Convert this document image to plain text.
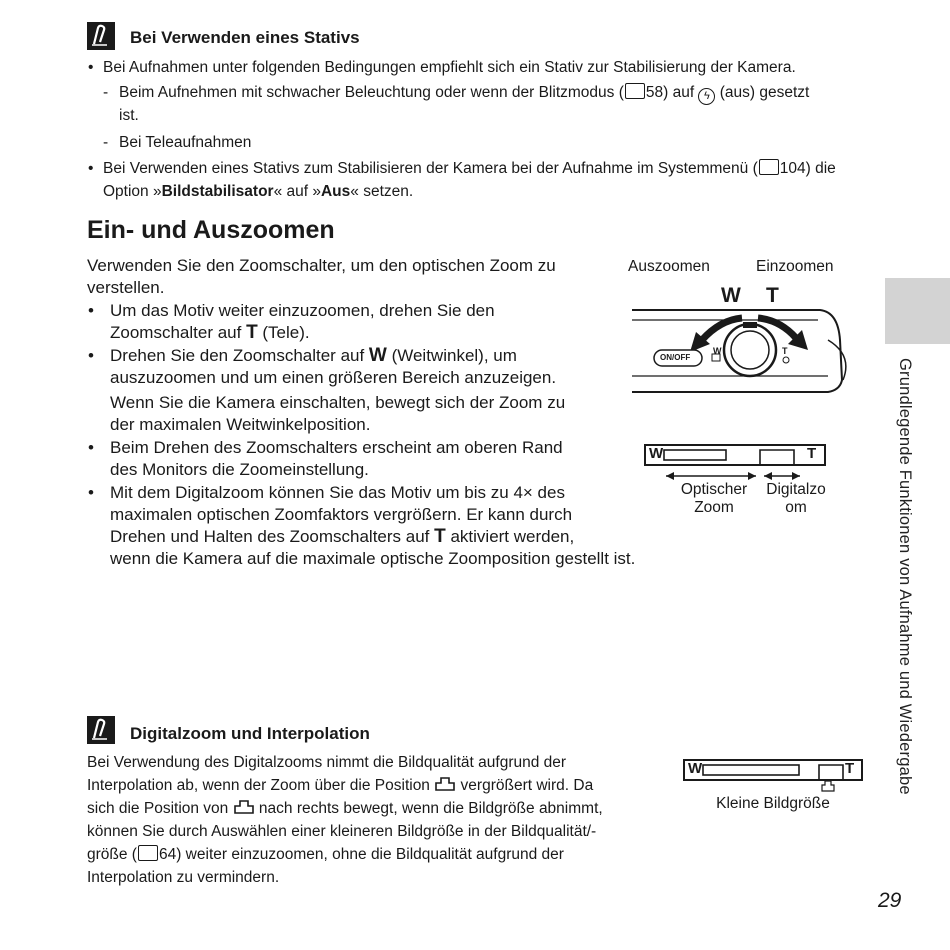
Bei Verwenden eines Stativs
• Bei Aufnahmen unter folgenden Bedingungen empfiehlt sich ein Stativ zur Stabilisierung der Kamera.
- Beim Aufnehmen mit schwacher Beleuchtung oder wenn der Blitzmodus ( 58) auf ϟ (aus) gesetzt
ist.
- Bei Teleaufnahmen
• Bei Verwenden eines Stativs zum Stabilisieren der Kamera bei der Aufnahme im Systemmenü ( 104) die
Option »Bildstabilisator« auf »Aus« setzen.
Ein- und Auszoomen
Verwenden Sie den Zoomschalter, um den optischen Zoom zu
verstellen.
• Um das Motiv weiter einzuzoomen, drehen Sie den
Zoomschalter auf T (Tele).
• Drehen Sie den Zoomschalter auf W (Weitwinkel), um
auszuzoomen und um einen größeren Bereich anzuzeigen.
Wenn Sie die Kamera einschalten, bewegt sich der Zoom zu
der maximalen Weitwinkelposition.
• Beim Drehen des Zoomschalters erscheint am oberen Rand
des Monitors die Zoomeinstellung.
• Mit dem Digitalzoom können Sie das Motiv um bis zu 4× des
maximalen optischen Zoomfaktors vergrößern. Er kann durch
Drehen und Halten des Zoomschalters auf T aktiviert werden,
wenn die Kamera auf die maximale optische Zoomposition gestellt ist.
Auszoomen	Einzoomen
W T
ON/OFF
W	T
W	T
Optischer
Zoom
Digitalzo
om
Digitalzoom und Interpolation
Bei Verwendung des Digitalzooms nimmt die Bildqualität aufgrund der
Interpolation ab, wenn der Zoom über die Position  vergrößert wird. Da
sich die Position von  nach rechts bewegt, wenn die Bildgröße abnimmt,
können Sie durch Auswählen einer kleineren Bildgröße in der Bildqualität/-
größe ( 64) weiter einzuzoomen, ohne die Bildqualität aufgrund der
Interpolation zu vermindern.
W	T
Kleine Bildgröße
Grundlegende Funktionen von Aufnahme und Wiedergabe
29
